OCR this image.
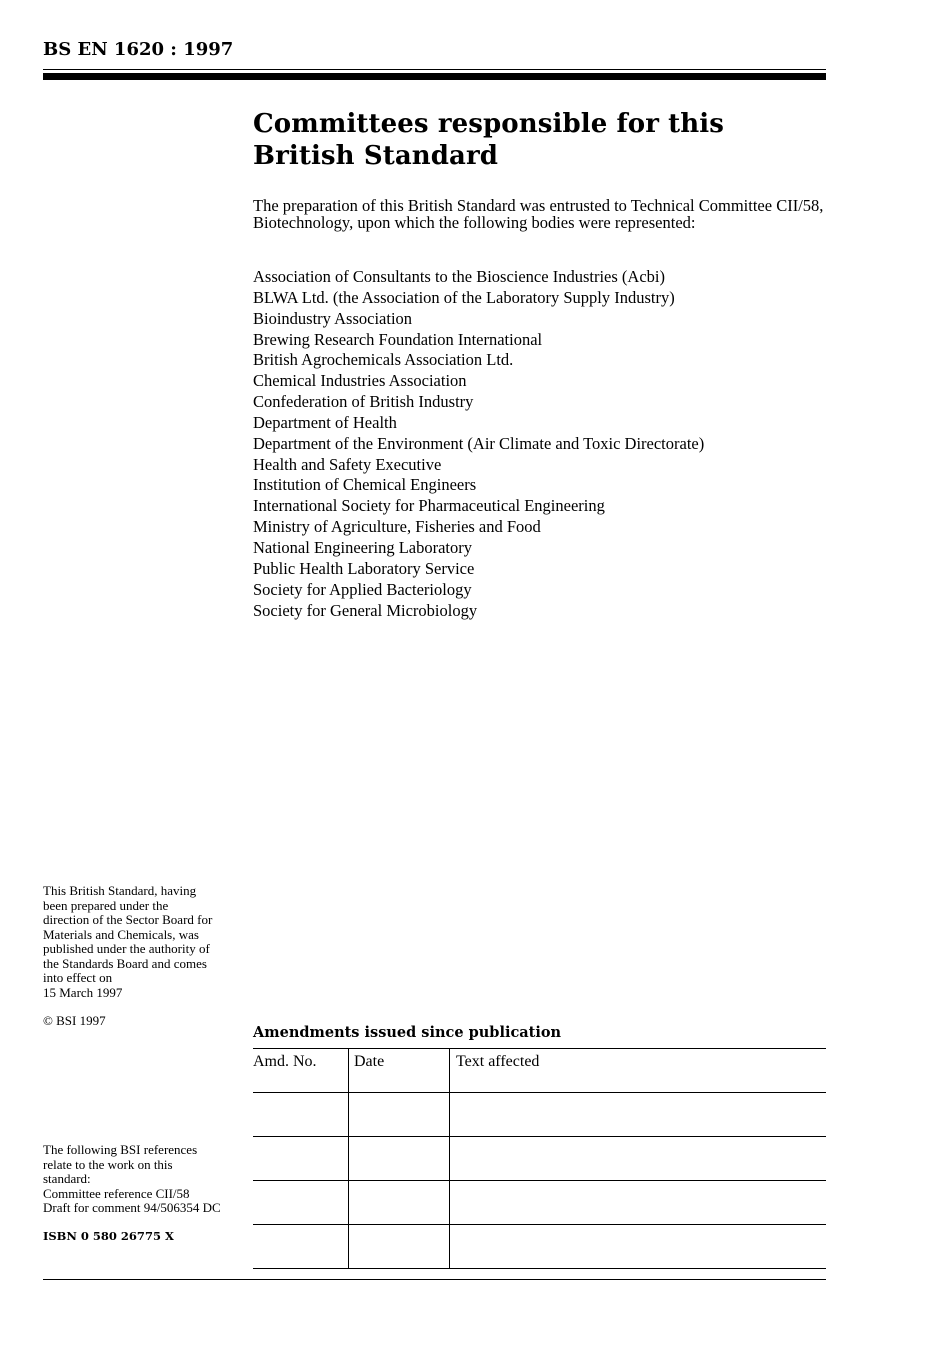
BS EN 1620 : 1997
Committees responsible for this
British Standard
The preparation of this British Standard was entrusted to Technical Committee CII/58, Biotechnology, upon which the following bodies were represented:
Association of Consultants to the Bioscience Industries (Acbi)
BLWA Ltd. (the Association of the Laboratory Supply Industry)
Bioindustry Association
Brewing Research Foundation International
British Agrochemicals Association Ltd.
Chemical Industries Association
Confederation of British Industry
Department of Health
Department of the Environment (Air Climate and Toxic Directorate)
Health and Safety Executive
Institution of Chemical Engineers
International Society for Pharmaceutical Engineering
Ministry of Agriculture, Fisheries and Food
National Engineering Laboratory
Public Health Laboratory Service
Society for Applied Bacteriology
Society for General Microbiology
This British Standard, having
been prepared under the
direction of the Sector Board for
Materials and Chemicals, was
published under the authority of
the Standards Board and comes
into effect on
15 March 1997
© BSI 1997
The following BSI references
relate to the work on this
standard:
Committee reference CII/58
Draft for comment 94/506354 DC
ISBN 0 580 26775 X
Amendments issued since publication
Amd. No.	Date	Text affected
